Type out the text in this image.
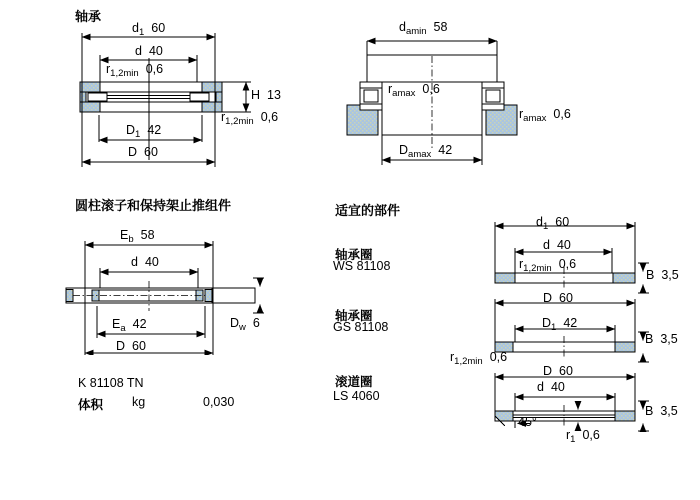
轴承
$d_1$ 60
d 40
$r_{1,2min}$ 0,6
H 13
$r_{1,2min}$ 0,6
$D_1$ 42
D 60
$d_{amin}$ 58
$r_{amax}$ 0,6
$r_{amax}$ 0,6
$D_{amax}$ 42
圆柱滚子和保持架止推组件
$E_b$ 58
d 40
$D_w$ 6
$E_a$ 42
D 60
K 81108 TN
体积 kg	0,030
适宜的部件
轴承圈
WS 81108
轴承圈
GS 81108
滚道圈
LS 4060
$d_1$ 60
d 40
$r_{1,2min}$ 0,6
B 3,5
D 60
$D_1$ 42
$r_{1,2min}$ 0,6
B 3,5
D 60
d 40
45°
$r_1$ 0,6
B 3,5
